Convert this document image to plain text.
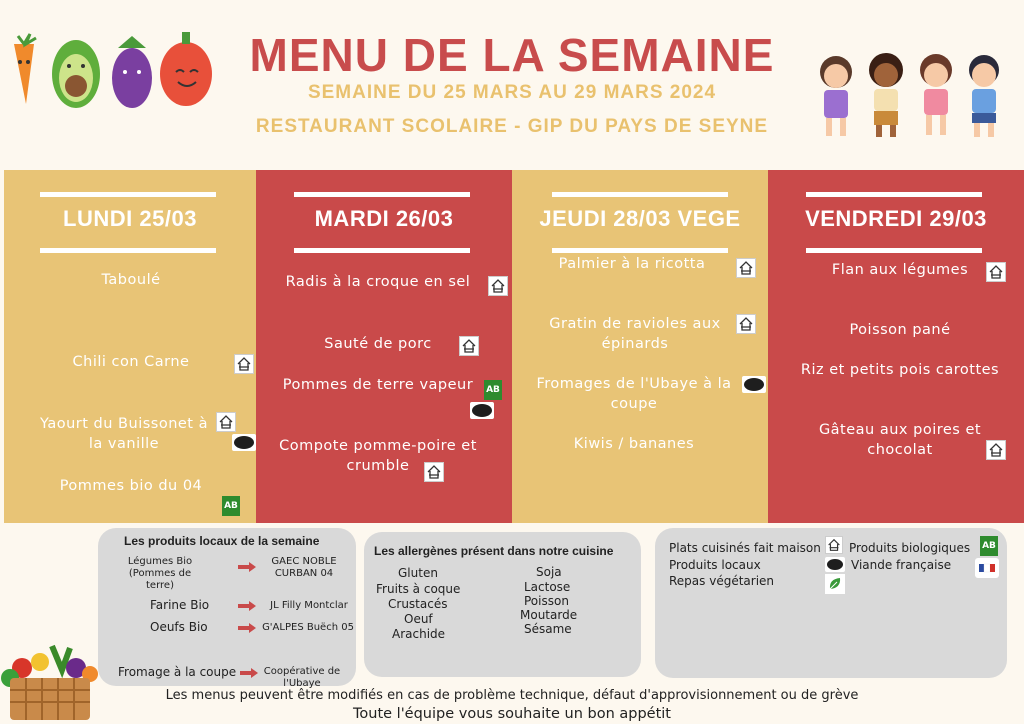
MENU DE LA SEMAINE
SEMAINE DU 25 MARS AU 29 MARS 2024
RESTAURANT SCOLAIRE - GIP DU PAYS DE SEYNE
LUNDI 25/03
Taboulé
Chili con Carne
Yaourt du Buissonet à la vanille
Pommes bio du 04
AB
MARDI 26/03
Radis à la croque en sel
Sauté de porc
Pommes de terre vapeur
Compote pomme-poire et crumble
AB
JEUDI 28/03 VEGE
Palmier à la ricotta
Gratin de ravioles aux épinards
Fromages de l'Ubaye à la coupe
Kiwis / bananes
VENDREDI 29/03
Flan aux légumes
Poisson pané
Riz et petits pois carottes
Gâteau aux poires et chocolat
Les produits locaux de la semaine
Légumes Bio (Pommes de terre)
GAEC NOBLE CURBAN 04
Farine Bio	JL Filly Montclar
Oeufs Bio	G'ALPES Buëch 05
Fromage à la coupe	Coopérative de l'Ubaye
Les allergènes présent dans notre cuisine
Gluten
Fruits à coque
Crustacés
Oeuf
Arachide
Soja
Lactose
Poisson
Moutarde
Sésame
Plats cuisinés fait maison Produits biologiques AB
Produits locaux	Viande française
Repas végétarien
Les menus peuvent être modifiés en cas de problème technique, défaut d'approvisionnement ou de grève
Toute l'équipe vous souhaite un bon appétit
